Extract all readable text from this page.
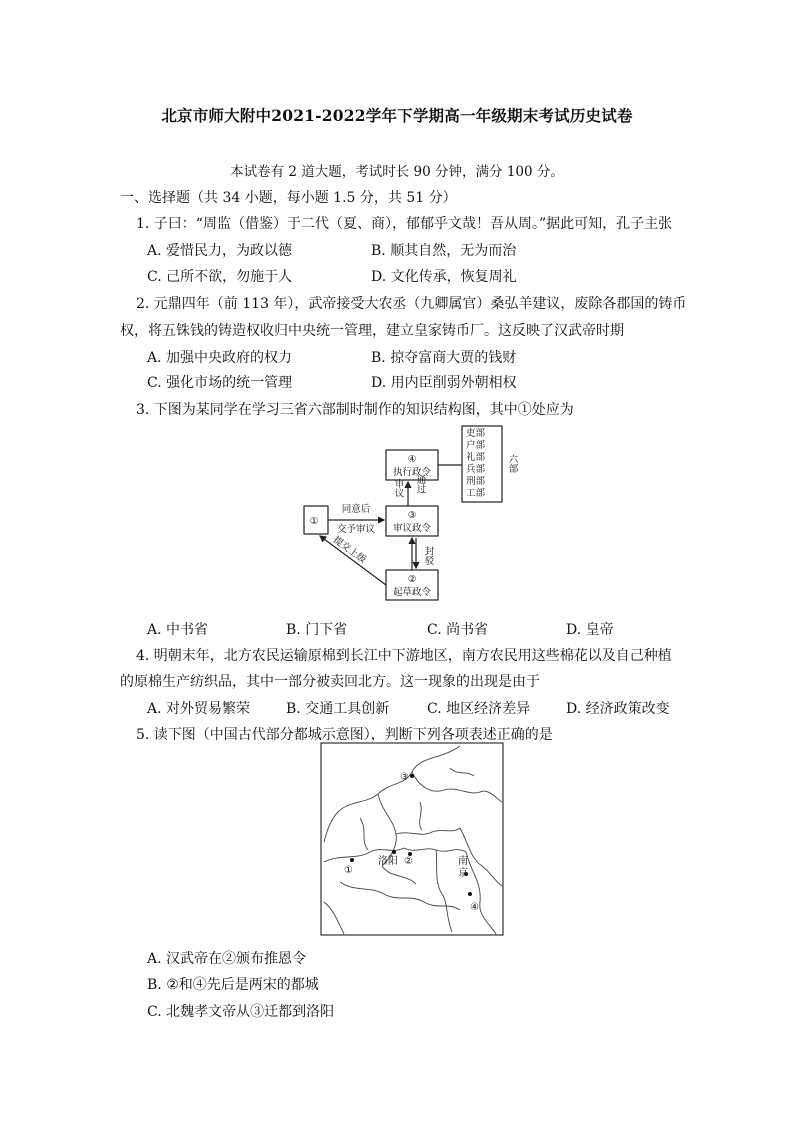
北京市师大附中2021-2022学年下学期高一年级期末考试历史试卷
本试卷有 2 道大题，考试时长 90 分钟，满分 100 分。
一、选择题（共 34 小题，每小题 1.5 分，共 51 分）
1. 子曰：“周监（借鉴）于二代（夏、商），郁郁乎文哉！吾从周。”据此可知，孔子主张
A. 爱惜民力，为政以德	B. 顺其自然，无为而治
C. 己所不欲，勿施于人	D. 文化传承，恢复周礼
2. 元鼎四年（前 113 年），武帝接受大农丞（九卿属官）桑弘羊建议，废除各郡国的铸币
权，将五铢钱的铸造权收归中央统一管理，建立皇家铸币厂。这反映了汉武帝时期
A. 加强中央政府的权力	B. 掠夺富商大贾的钱财
C. 强化市场的统一管理	D. 用内臣削弱外朝相权
3. 下图为某同学在学习三省六部制时制作的知识结构图，其中①处应为
①
④
执行政令
③
审议政令
②
起草政令
同意后
交予审议
审议 通过
封驳
提交上级
吏部
户部
礼部
兵部
刑部
工部
六部
A. 中书省	B. 门下省	C. 尚书省	D. 皇帝
4. 明朝末年，北方农民运输原棉到长江中下游地区，南方农民用这些棉花以及自己种植
的原棉生产纺织品，其中一部分被卖回北方。这一现象的出现是由于
A. 对外贸易繁荣	B. 交通工具创新	C. 地区经济差异	D. 经济政策改变
5. 读下图（中国古代部分都城示意图），判断下列各项表述正确的是
③
①
洛阳 ②	南
京
④
A. 汉武帝在②颁布推恩令
B. ②和④先后是两宋的都城
C. 北魏孝文帝从③迁都到洛阳
